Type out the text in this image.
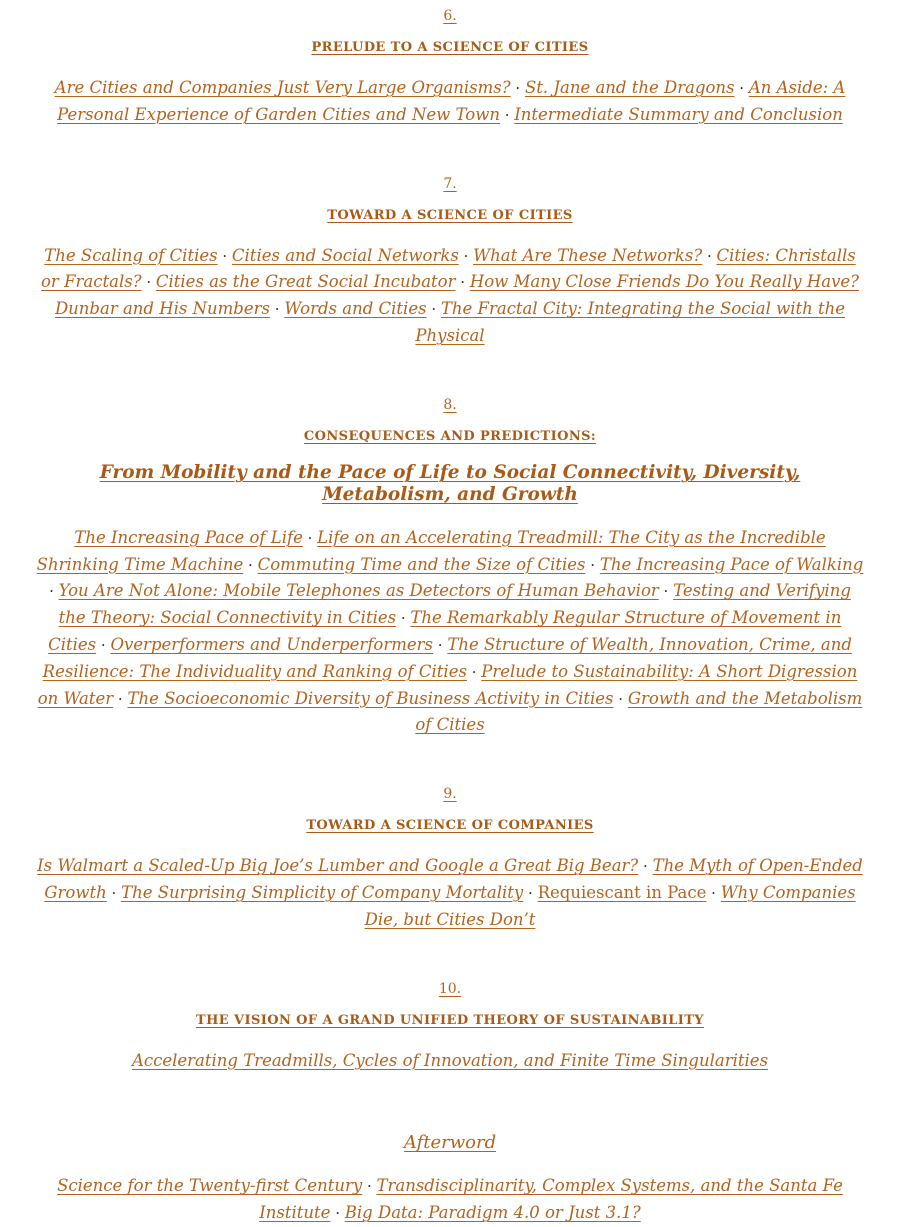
6.
PRELUDE TO A SCIENCE OF CITIES

Are Cities and Companies Just Very Large Organisms? · St. Jane and the Dragons · An Aside: A Personal Experience of Garden Cities and New Town · Intermediate Summary and Conclusion

7.
TOWARD A SCIENCE OF CITIES

The Scaling of Cities · Cities and Social Networks · What Are These Networks? · Cities: Christalls or Fractals? · Cities as the Great Social Incubator · How Many Close Friends Do You Really Have? Dunbar and His Numbers · Words and Cities · The Fractal City: Integrating the Social with the Physical

8.
CONSEQUENCES AND PREDICTIONS:
From Mobility and the Pace of Life to Social Connectivity, Diversity, Metabolism, and Growth

The Increasing Pace of Life · Life on an Accelerating Treadmill: The City as the Incredible Shrinking Time Machine · Commuting Time and the Size of Cities · The Increasing Pace of Walking · You Are Not Alone: Mobile Telephones as Detectors of Human Behavior · Testing and Verifying the Theory: Social Connectivity in Cities · The Remarkably Regular Structure of Movement in Cities · Overperformers and Underperformers · The Structure of Wealth, Innovation, Crime, and Resilience: The Individuality and Ranking of Cities · Prelude to Sustainability: A Short Digression on Water · The Socioeconomic Diversity of Business Activity in Cities · Growth and the Metabolism of Cities

9.
TOWARD A SCIENCE OF COMPANIES

Is Walmart a Scaled-Up Big Joe’s Lumber and Google a Great Big Bear? · The Myth of Open-Ended Growth · The Surprising Simplicity of Company Mortality · Requiescant in Pace · Why Companies Die, but Cities Don’t

10.
THE VISION OF A GRAND UNIFIED THEORY OF SUSTAINABILITY

Accelerating Treadmills, Cycles of Innovation, and Finite Time Singularities

Afterword

Science for the Twenty-first Century · Transdisciplinarity, Complex Systems, and the Santa Fe Institute · Big Data: Paradigm 4.0 or Just 3.1?
